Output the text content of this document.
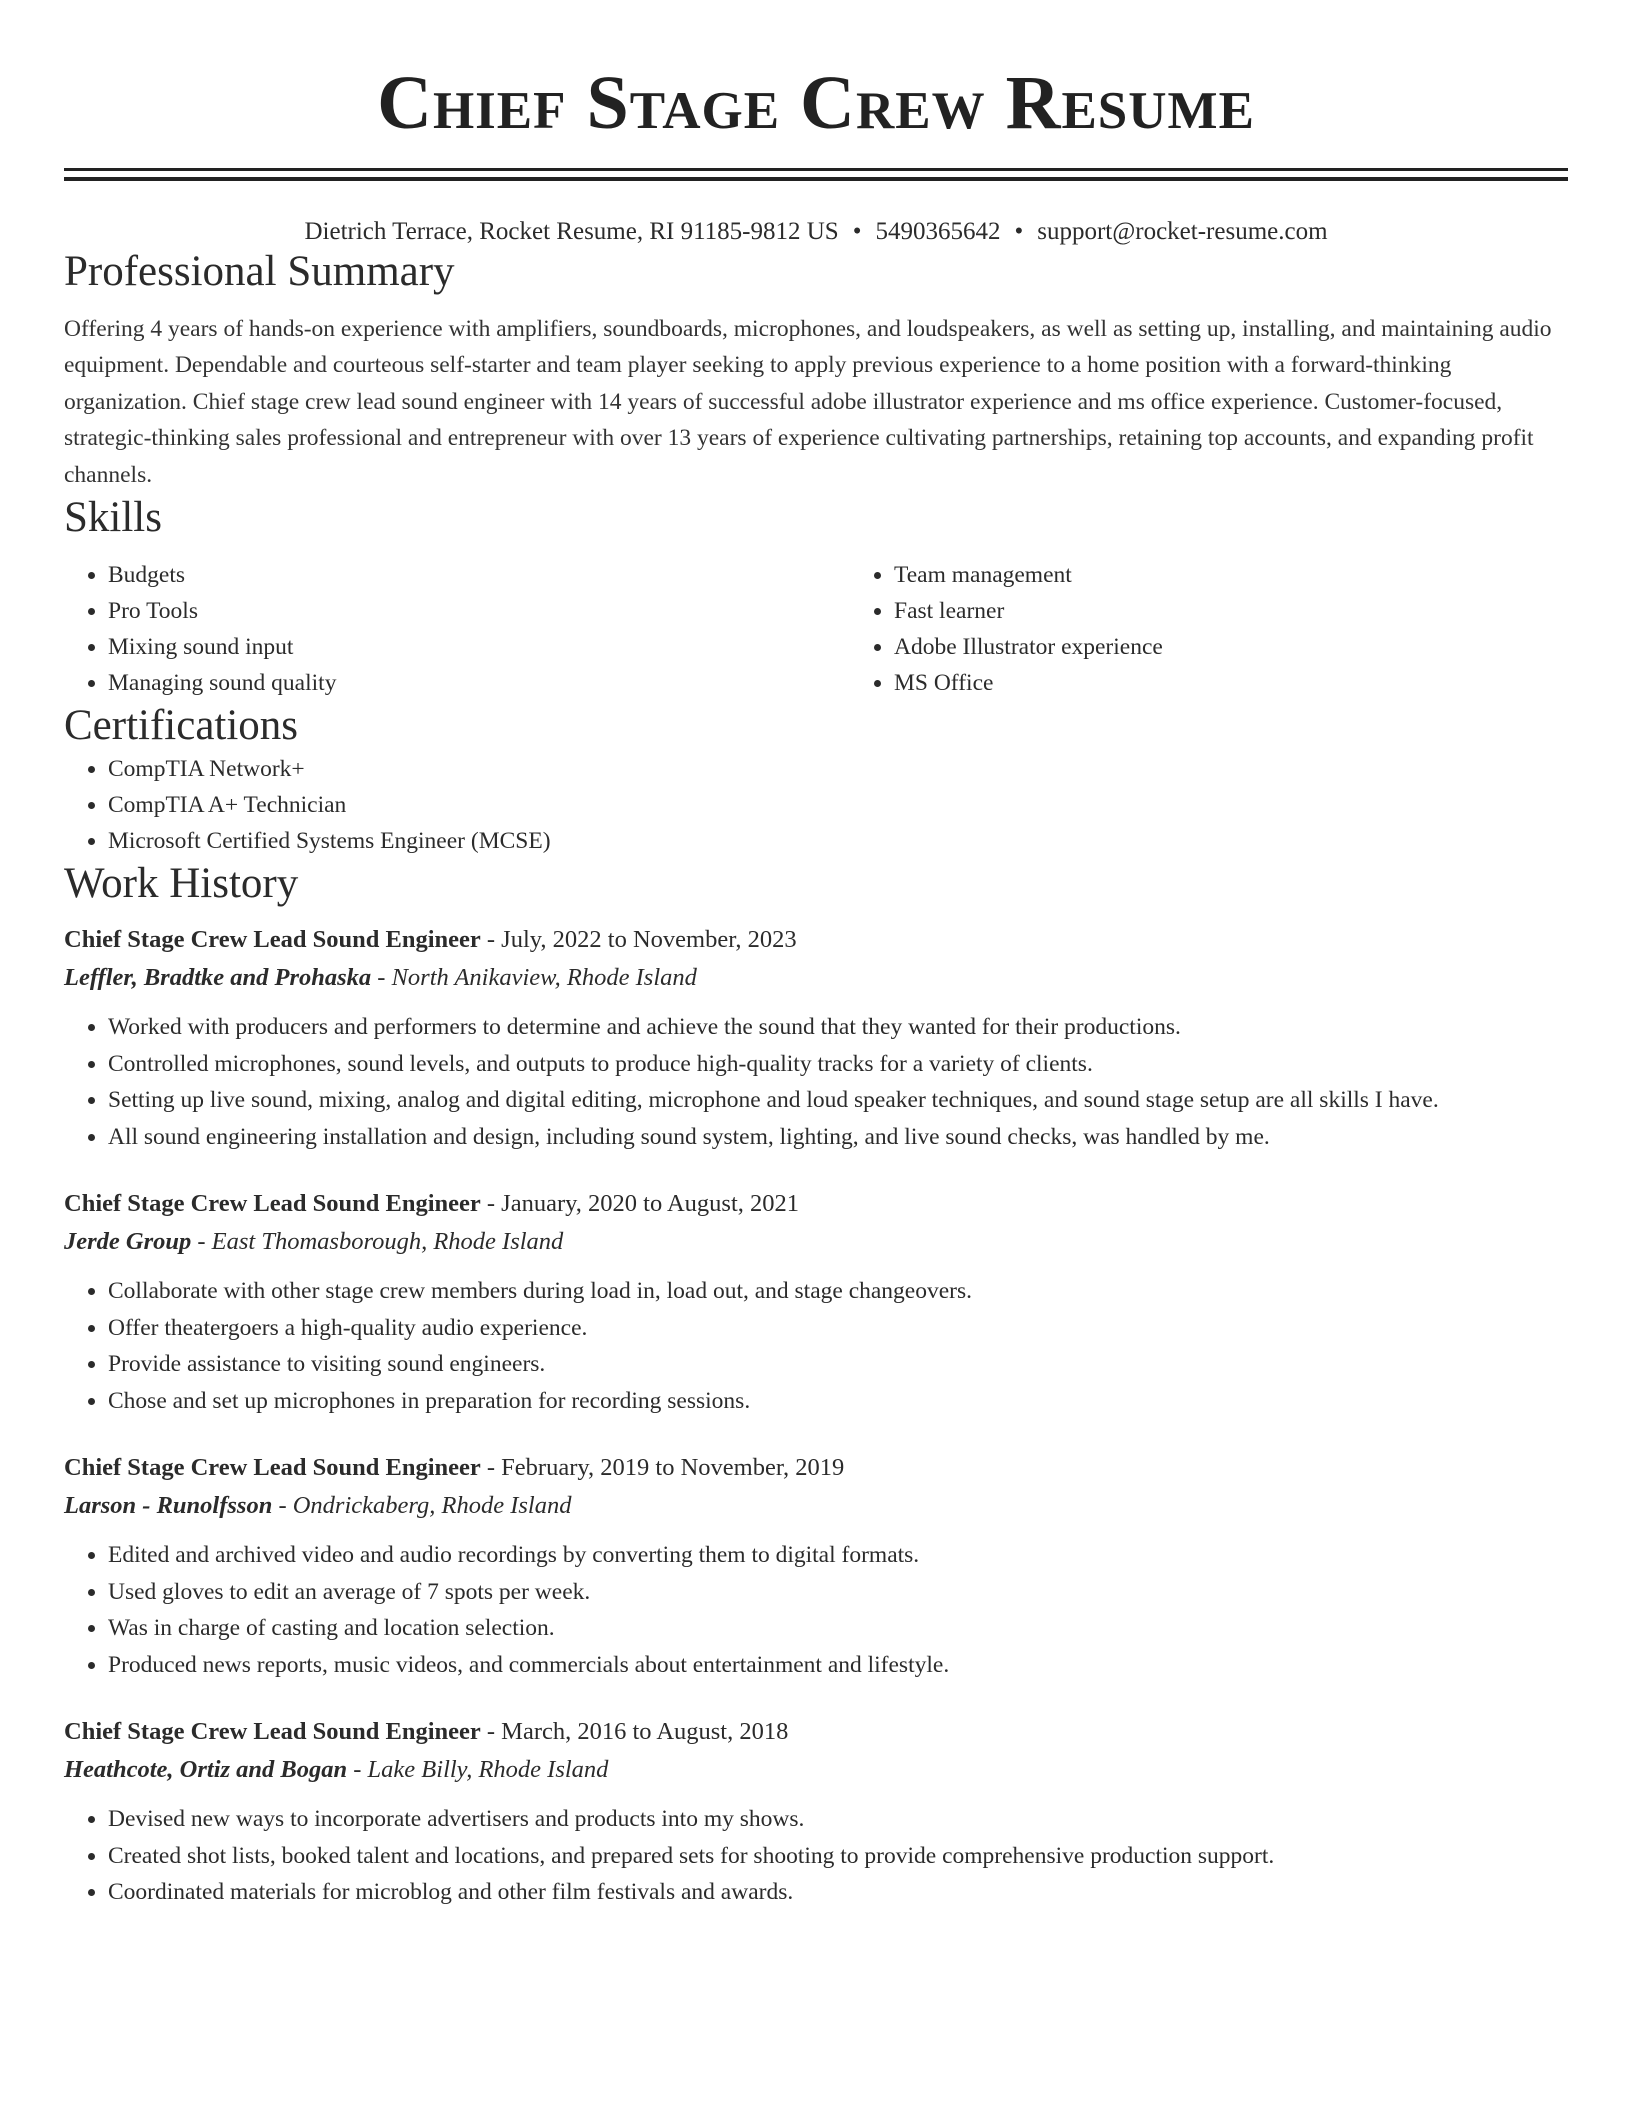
Chief Stage Crew Resume
Dietrich Terrace, Rocket Resume, RI 91185-9812 US • 5490365642 • support@rocket-resume.com
Professional Summary

Offering 4 years of hands-on experience with amplifiers, soundboards, microphones, and loudspeakers, as well as setting up, installing, and maintaining audio equipment. Dependable and courteous self-starter and team player seeking to apply previous experience to a home position with a forward-thinking organization. Chief stage crew lead sound engineer with 14 years of successful adobe illustrator experience and ms office experience. Customer-focused, strategic-thinking sales professional and entrepreneur with over 13 years of experience cultivating partnerships, retaining top accounts, and expanding profit channels.

Skills
• Budgets
• Pro Tools
• Mixing sound input
• Managing sound quality
• Team management
• Fast learner
• Adobe Illustrator experience
• MS Office
Certifications
• CompTIA Network+
• CompTIA A+ Technician
• Microsoft Certified Systems Engineer (MCSE)
Work History
Chief Stage Crew Lead Sound Engineer - July, 2022 to November, 2023
Leffler, Bradtke and Prohaska - North Anikaview, Rhode Island
• Worked with producers and performers to determine and achieve the sound that they wanted for their productions.
• Controlled microphones, sound levels, and outputs to produce high-quality tracks for a variety of clients.
• Setting up live sound, mixing, analog and digital editing, microphone and loud speaker techniques, and sound stage setup are all skills I have.
• All sound engineering installation and design, including sound system, lighting, and live sound checks, was handled by me.
Chief Stage Crew Lead Sound Engineer - January, 2020 to August, 2021
Jerde Group - East Thomasborough, Rhode Island
• Collaborate with other stage crew members during load in, load out, and stage changeovers.
• Offer theatergoers a high-quality audio experience.
• Provide assistance to visiting sound engineers.
• Chose and set up microphones in preparation for recording sessions.
Chief Stage Crew Lead Sound Engineer - February, 2019 to November, 2019
Larson - Runolfsson - Ondrickaberg, Rhode Island
• Edited and archived video and audio recordings by converting them to digital formats.
• Used gloves to edit an average of 7 spots per week.
• Was in charge of casting and location selection.
• Produced news reports, music videos, and commercials about entertainment and lifestyle.
Chief Stage Crew Lead Sound Engineer - March, 2016 to August, 2018
Heathcote, Ortiz and Bogan - Lake Billy, Rhode Island
• Devised new ways to incorporate advertisers and products into my shows.
• Created shot lists, booked talent and locations, and prepared sets for shooting to provide comprehensive production support.
• Coordinated materials for microblog and other film festivals and awards.
